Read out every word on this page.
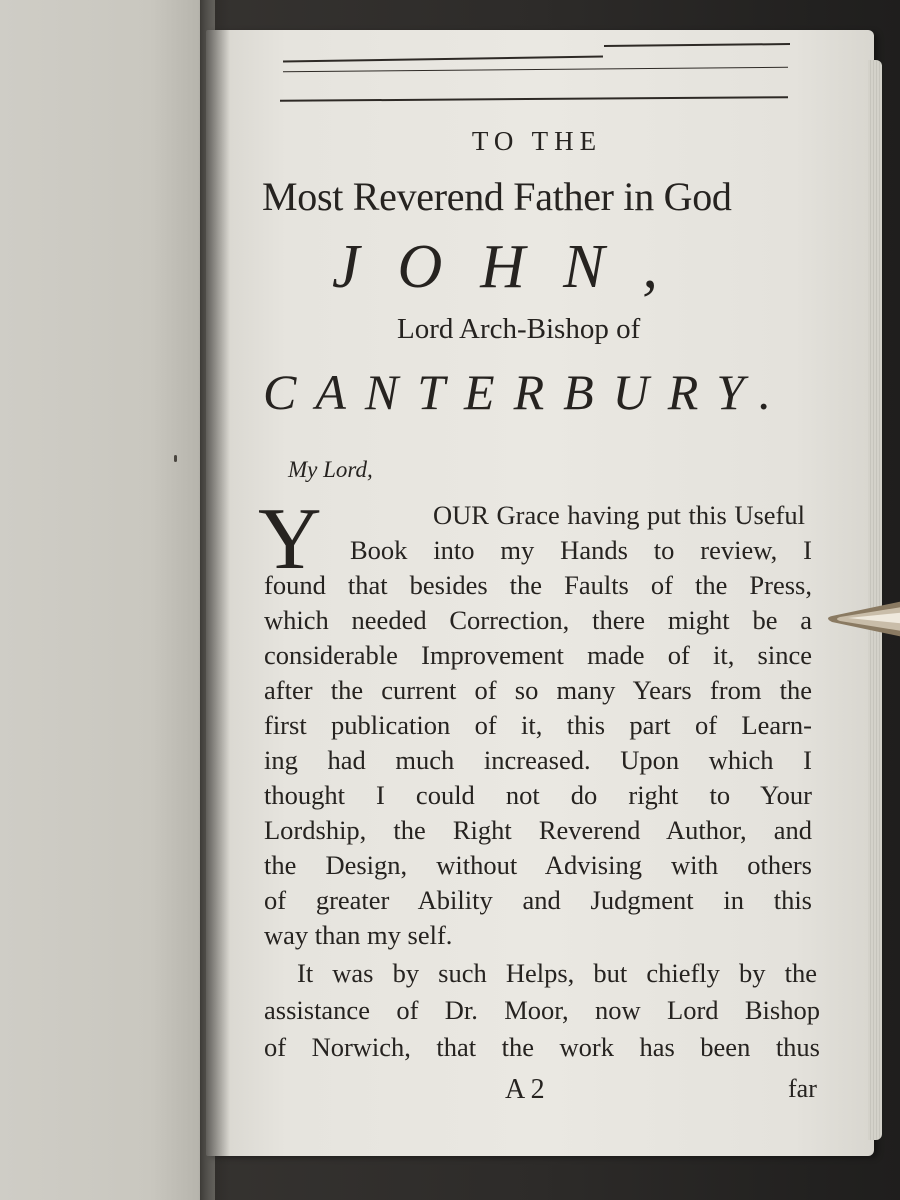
TO THE
Most Reverend Father in God
JOHN,
Lord Arch-Bishop of
CANTERBURY.
My Lord,
Y	OUR Grace having put this Useful
Book into my Hands to review, I
found that besides the Faults of the Press,
which needed Correction, there might be a
considerable Improvement made of it, since
after the current of so many Years from the
first publication of it, this part of Learn-
ing had much increased. Upon which I
thought I could not do right to Your
Lordship, the Right Reverend Author, and
the Design, without Advising with others
of greater Ability and Judgment in this
way than my self.
It was by such Helps, but chiefly by the
assistance of Dr. Moor, now Lord Bishop
of Norwich, that the work has been thus
A 2	far
